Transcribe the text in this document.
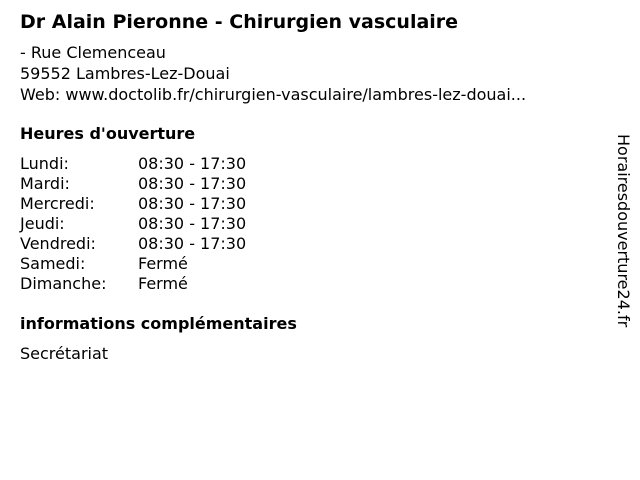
Dr Alain Pieronne - Chirurgien vasculaire
- Rue Clemenceau
59552 Lambres-Lez-Douai
Web: www.doctolib.fr/chirurgien-vasculaire/lambres-lez-douai...
Heures d'ouverture
Lundi:	08:30 - 17:30
Mardi:	08:30 - 17:30
Mercredi:	08:30 - 17:30
Jeudi:	08:30 - 17:30
Vendredi:	08:30 - 17:30
Samedi:	Fermé
Dimanche: Fermé
informations complémentaires
Secrétariat
Horairesdouverture24.fr
